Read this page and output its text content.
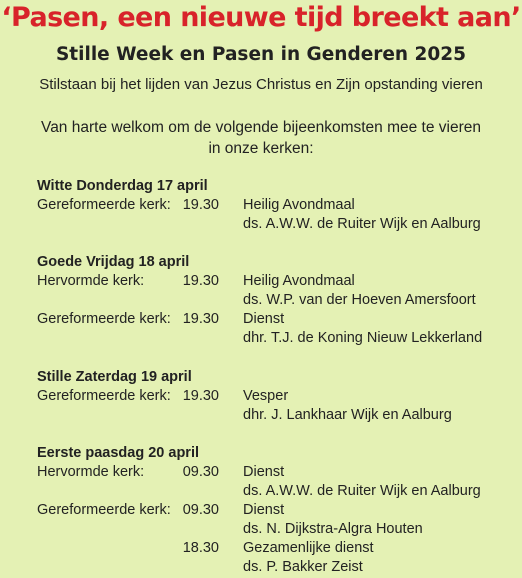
‘Pasen, een nieuwe tijd breekt aan’
Stille Week en Pasen in Genderen 2025
Stilstaan bij het lijden van Jezus Christus en Zijn opstanding vieren
Van harte welkom om de volgende bijeenkomsten mee te vieren
in onze kerken:
Witte Donderdag 17 april
Gereformeerde kerk: 19.30 Heilig Avondmaal
ds. A.W.W. de Ruiter Wijk en Aalburg
Goede Vrijdag 18 april
Hervormde kerk:	19.30 Heilig Avondmaal
ds. W.P. van der Hoeven Amersfoort
Gereformeerde kerk: 19.30 Dienst
dhr. T.J. de Koning Nieuw Lekkerland
Stille Zaterdag 19 april
Gereformeerde kerk: 19.30 Vesper
dhr. J. Lankhaar Wijk en Aalburg
Eerste paasdag 20 april
Hervormde kerk:	09.30 Dienst
ds. A.W.W. de Ruiter Wijk en Aalburg
Gereformeerde kerk: 09.30 Dienst
ds. N. Dijkstra-Algra Houten
18.30 Gezamenlijke dienst
ds. P. Bakker Zeist
